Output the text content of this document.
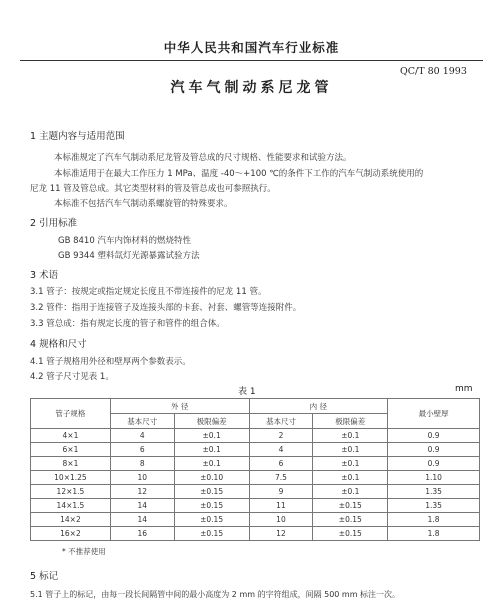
中华人民共和国汽车行业标准
QC/T 80 1993
汽车气制动系尼龙管
1 主题内容与适用范围
本标准规定了汽车气制动系尼龙管及管总成的尺寸规格、性能要求和试验方法。
本标准适用于在最大工作压力 1 MPa、温度 -40～+100 ℃的条件下工作的汽车气制动系统使用的
尼龙 11 管及管总成。其它类型材料的管及管总成也可参照执行。
本标准不包括汽车气制动系螺旋管的特殊要求。
2 引用标准
GB 8410 汽车内饰材料的燃烧特性
GB 9344 塑料氙灯光源暴露试验方法
3 术语
3.1 管子：按规定或指定规定长度且不带连接件的尼龙 11 管。
3.2 管件：指用于连接管子及连接头部的卡套、衬套、螺管等连接附件。
3.3 管总成：指有规定长度的管子和管件的组合体。
4 规格和尺寸
4.1 管子规格用外径和壁厚两个参数表示。
4.2 管子尺寸见表 1。
表 1	mm
管子规格	外 径		内 径		最小壁厚
	基本尺寸	极限偏差	基本尺寸	极限偏差	
4×1	4	±0.1	2	±0.1	0.9
6×1	6	±0.1	4	±0.1	0.9
8×1	8	±0.1	6	±0.1	0.9
10×1.25	10	±0.10	7.5	±0.1	1.10
12×1.5	12	±0.15	9	±0.1	1.35
14×1.5	14	±0.15	11	±0.15	1.35
14×2	14	±0.15	10	±0.15	1.8
16×2	16	±0.15	12	±0.15	1.8
* 不推荐使用
5 标记
5.1 管子上的标记，由每一段长间隔管中间的最小高度为 2 mm 的字符组成，间隔 500 mm 标注一次。
